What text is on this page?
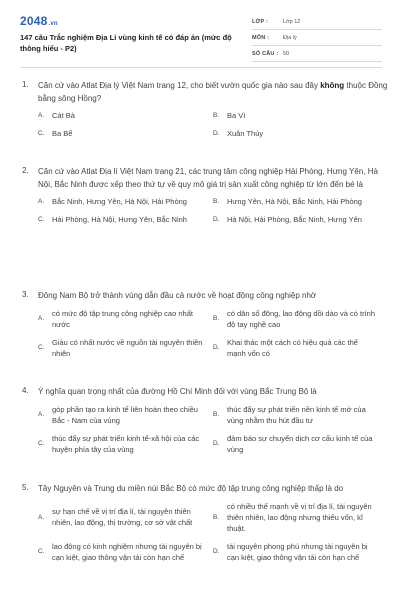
2048.vn
147 câu Trắc nghiệm Địa Lí vùng kinh tế có đáp án (mức độ thông hiểu - P2)
LỚP :	Lớp 12
MÔN :	Địa lý
SỐ CÂU : 50
1. Căn cứ vào Atlat Địa lý Việt Nam trang 12, cho biết vườn quốc gia nào sau đây không thuộc Đồng bằng sông Hồng?
A.	Cát Bà	B.	Ba Vì
C.	Ba Bể	D.	Xuân Thủy
2. Căn cứ vào Atlat Địa lí Việt Nam trang 21, các trung tâm công nghiệp Hải Phòng, Hưng Yên, Hà Nội, Bắc Ninh được xếp theo thứ tự về quy mô giá trị sản xuất công nghiệp từ lớn đến bé là
A.	Bắc Ninh, Hưng Yên, Hà Nội, Hải Phòng	B.	Hưng Yên, Hà Nội, Bắc Ninh, Hải Phòng
C.	Hải Phòng, Hà Nội, Hưng Yên, Bắc Ninh	D.	Hà Nội, Hải Phòng, Bắc Ninh, Hưng Yên
3. Đông Nam Bộ trở thành vùng dẫn đầu cả nước về hoạt động công nghiệp nhờ
A.
có mức độ tập trung công nghiệp cao nhất nước
B.
có dân số đông, lao động dồi dào và có trình độ tay nghề cao
C.
Giàu có nhất nước về nguồn tài nguyên thiên nhiên
D.
Khai thác một cách có hiệu quả các thế mạnh vốn có
4. Ý nghĩa quan trọng nhất của đường Hồ Chí Minh đối với vùng Bắc Trung Bộ là
A.
góp phần tạo ra kinh tế liên hoàn theo chiều Bắc - Nam của vùng
B.
thúc đẩy sự phát triển nền kinh tế mở của vùng nhằm thu hút đầu tư
C.
thúc đẩy sự phát triển kinh tế-xã hội của các huyện phía tây của vùng
D.
đảm bảo sự chuyển dịch cơ cấu kinh tế của vùng
5. Tây Nguyên và Trung du miền núi Bắc Bộ có mức độ tập trung công nghiệp thấp là do
A.
sự hạn chế về vị trí địa lí, tài nguyên thiên nhiên, lao động, thị trường, cơ sở vật chất
B.
có nhiều thế mạnh về vị trí địa lí, tài nguyên thiên nhiên, lao động nhưng thiếu vốn, kĩ thuật.
C.
lao động có kinh nghiệm nhưng tài nguyên bị cạn kiệt, giao thông vận tải còn hạn chế
D.
tài nguyên phong phú nhưng tài nguyên bị cạn kiệt, giao thông vận tải còn hạn chế
